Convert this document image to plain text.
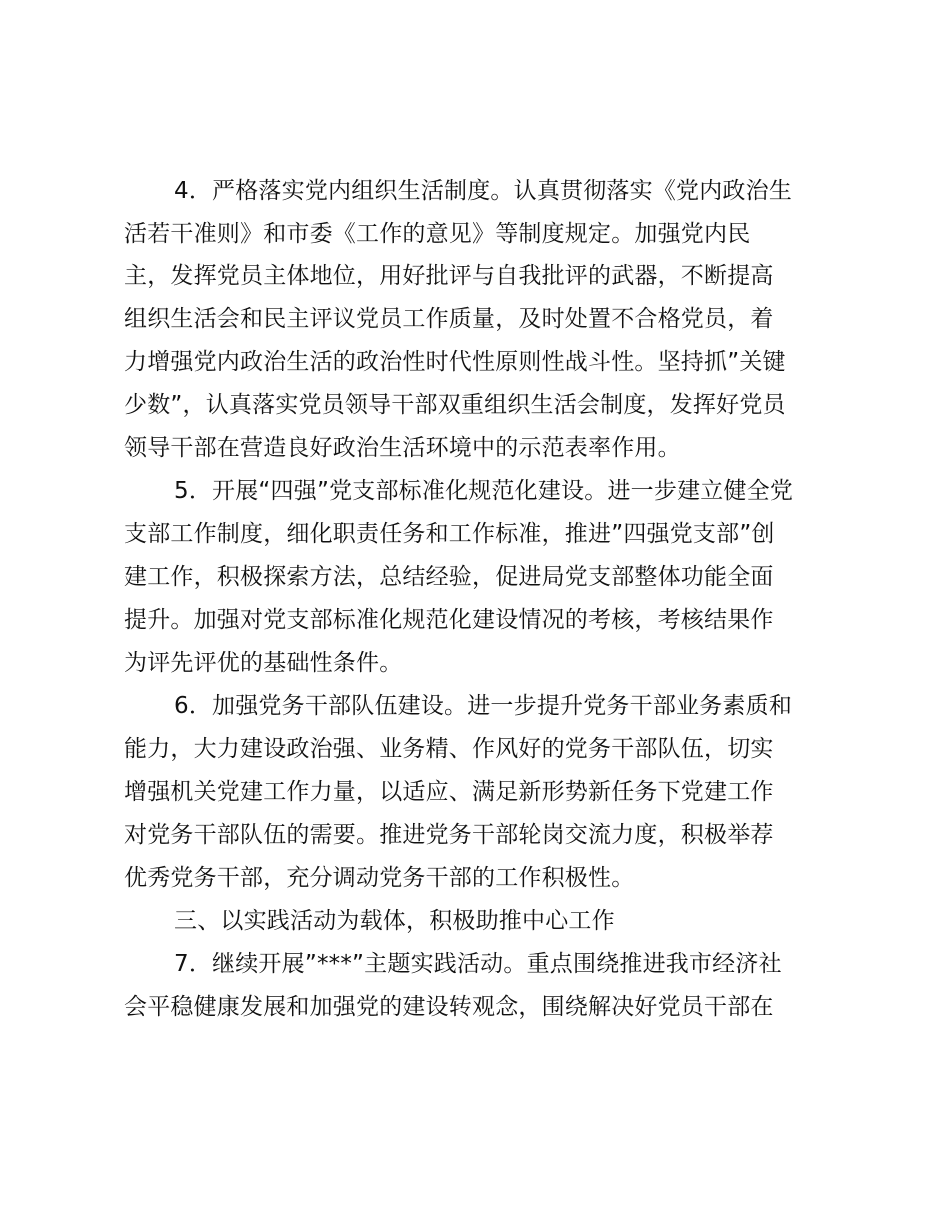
4．严格落实党内组织生活制度。认真贯彻落实《党内政治生
活若干准则》和市委《工作的意见》等制度规定。加强党内民
主，发挥党员主体地位，用好批评与自我批评的武器，不断提高
组织生活会和民主评议党员工作质量，及时处置不合格党员，着
力增强党内政治生活的政治性时代性原则性战斗性。坚持抓”关键
少数”，认真落实党员领导干部双重组织生活会制度，发挥好党员
领导干部在营造良好政治生活环境中的示范表率作用。
5．开展“四强”党支部标准化规范化建设。进一步建立健全党
支部工作制度，细化职责任务和工作标准，推进”四强党支部”创
建工作，积极探索方法，总结经验，促进局党支部整体功能全面
提升。加强对党支部标准化规范化建设情况的考核，考核结果作
为评先评优的基础性条件。
6．加强党务干部队伍建设。进一步提升党务干部业务素质和
能力，大力建设政治强、业务精、作风好的党务干部队伍，切实
增强机关党建工作力量，以适应、满足新形势新任务下党建工作
对党务干部队伍的需要。推进党务干部轮岗交流力度，积极举荐
优秀党务干部，充分调动党务干部的工作积极性。
三、以实践活动为载体，积极助推中心工作
7．继续开展”***”主题实践活动。重点围绕推进我市经济社
会平稳健康发展和加强党的建设转观念，围绕解决好党员干部在
